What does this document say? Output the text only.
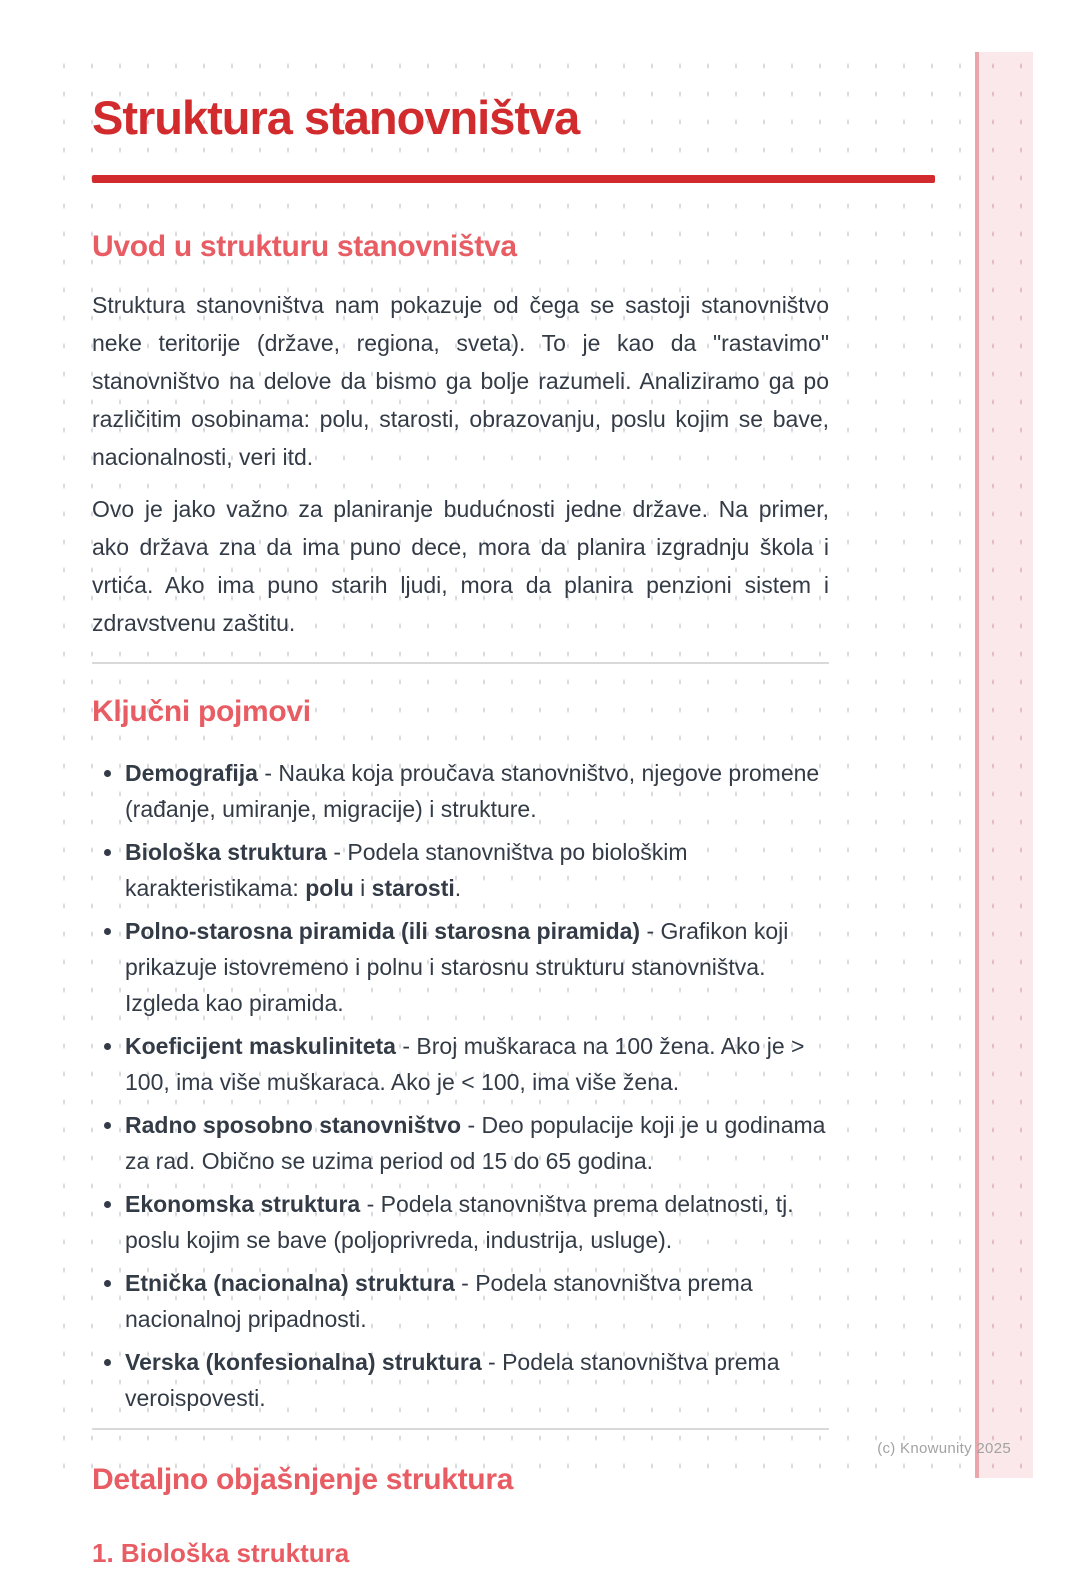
Struktura stanovništva
Uvod u strukturu stanovništva

Struktura stanovništva nam pokazuje od čega se sastoji stanovništvo neke teritorije (države, regiona, sveta). To je kao da "rastavimo" stanovništvo na delove da bismo ga bolje razumeli. Analiziramo ga po različitim osobinama: polu, starosti, obrazovanju, poslu kojim se bave, nacionalnosti, veri itd.

Ovo je jako važno za planiranje budućnosti jedne države. Na primer, ako država zna da ima puno dece, mora da planira izgradnju škola i vrtića. Ako ima puno starih ljudi, mora da planira penzioni sistem i zdravstvenu zaštitu.

Ključni pojmovi
• Demografija - Nauka koja proučava stanovništvo, njegove promene (rađanje, umiranje, migracije) i strukture.
• Biološka struktura - Podela stanovništva po biološkim karakteristikama: polu i starosti.
• Polno-starosna piramida (ili starosna piramida) - Grafikon koji prikazuje istovremeno i polnu i starosnu strukturu stanovništva. Izgleda kao piramida.
• Koeficijent maskuliniteta - Broj muškaraca na 100 žena. Ako je > 100, ima više muškaraca. Ako je < 100, ima više žena.
• Radno sposobno stanovništvo - Deo populacije koji je u godinama za rad. Obično se uzima period od 15 do 65 godina.
• Ekonomska struktura - Podela stanovništva prema delatnosti, tj. poslu kojim se bave (poljoprivreda, industrija, usluge).
• Etnička (nacionalna) struktura - Podela stanovništva prema nacionalnoj pripadnosti.
• Verska (konfesionalna) struktura - Podela stanovništva prema veroispovesti.
Detaljno objašnjenje struktura
1. Biološka struktura
(c) Knowunity 2025
